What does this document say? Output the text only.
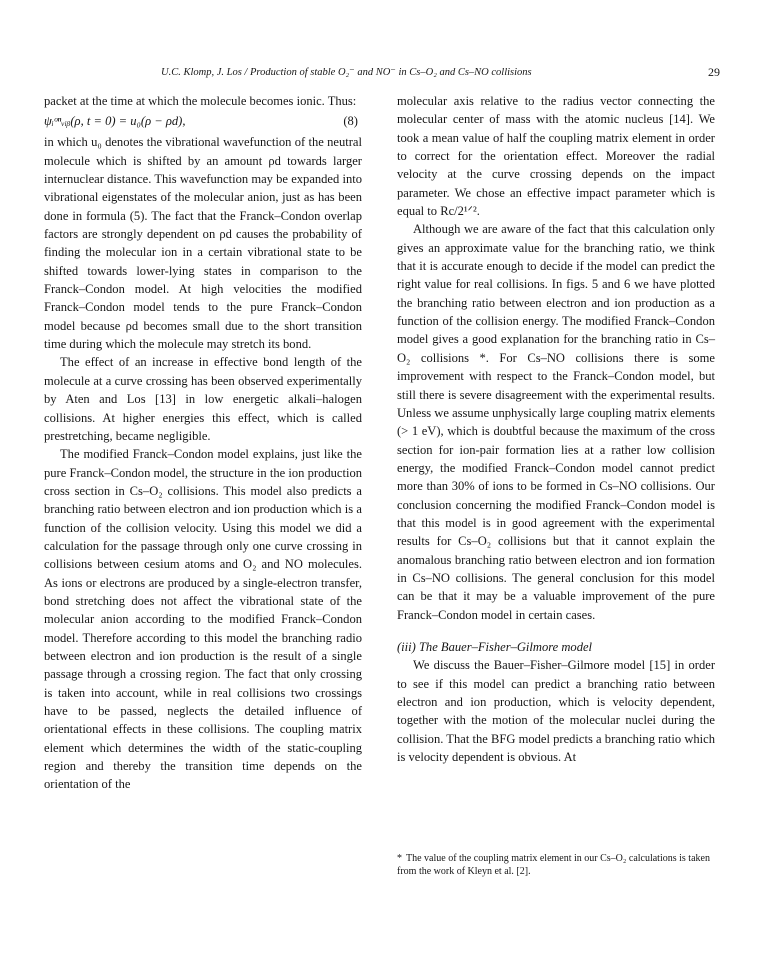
U.C. Klomp, J. Los / Production of stable O₂⁻ and NO⁻ in Cs–O₂ and Cs–NO collisions	29

packet at the time at which the molecule becomes ionic. Thus:

ψᵢᵒⁿᵥᵢᵦ(ρ, t = 0) = u₀(ρ − ρd),	(8)

in which u₀ denotes the vibrational wavefunction of the neutral molecule which is shifted by an amount ρd towards larger internuclear distance. This wavefunction may be expanded into vibrational eigenstates of the molecular anion, just as has been done in formula (5). The fact that the Franck–Condon overlap factors are strongly dependent on ρd causes the probability of finding the molecular ion in a certain vibrational state to be shifted towards lower-lying states in comparison to the Franck–Condon model. At high velocities the modified Franck–Condon model tends to the pure Franck–Condon model because ρd becomes small due to the short transition time during which the molecule may stretch its bond.

The effect of an increase in effective bond length of the molecule at a curve crossing has been observed experimentally by Aten and Los [13] in low energetic alkali–halogen collisions. At higher energies this effect, which is called prestretching, became negligible.

The modified Franck–Condon model explains, just like the pure Franck–Condon model, the structure in the ion production cross section in Cs–O₂ collisions. This model also predicts a branching ratio between electron and ion production which is a function of the collision velocity. Using this model we did a calculation for the passage through only one curve crossing in collisions between cesium atoms and O₂ and NO molecules. As ions or electrons are produced by a single-electron transfer, bond stretching does not affect the vibrational state of the molecular anion according to the modified Franck–Condon model. Therefore according to this model the branching radio between electron and ion production is the result of a single passage through a crossing region. The fact that only crossing is taken into account, while in real collisions two crossings have to be passed, neglects the detailed influence of orientational effects in these collisions. The coupling matrix element which determines the width of the static-coupling region and thereby the transition time depends on the orientation of the

molecular axis relative to the radius vector connecting the molecular center of mass with the atomic nucleus [14]. We took a mean value of half the coupling matrix element in order to correct for the orientation effect. Moreover the radial velocity at the curve crossing depends on the impact parameter. We chose an effective impact parameter which is equal to Rc/2¹ᐟ².

Although we are aware of the fact that this calculation only gives an approximate value for the branching ratio, we think that it is accurate enough to decide if the model can predict the right value for real collisions. In figs. 5 and 6 we have plotted the branching ratio between electron and ion production as a function of the collision energy. The modified Franck–Condon model gives a good explanation for the branching ratio in Cs–O₂ collisions *. For Cs–NO collisions there is some improvement with respect to the Franck–Condon model, but still there is severe disagreement with the experimental results. Unless we assume unphysically large coupling matrix elements (> 1 eV), which is doubtful because the maximum of the cross section for ion-pair formation lies at a rather low collision energy, the modified Franck–Condon model cannot predict more than 30% of ions to be formed in Cs–NO collisions. Our conclusion concerning the modified Franck–Condon model is that this model is in good agreement with the experimental results for Cs–O₂ collisions but that it cannot explain the anomalous branching ratio between electron and ion formation in Cs–NO collisions. The general conclusion for this model can be that it may be a valuable improvement of the pure Franck–Condon model in certain cases.

(iii) The Bauer–Fisher–Gilmore model

We discuss the Bauer–Fisher–Gilmore model [15] in order to see if this model can predict a branching ratio between electron and ion production, which is velocity dependent, together with the motion of the molecular nuclei during the collision. That the BFG model predicts a branching ratio which is velocity dependent is obvious. At

* The value of the coupling matrix element in our Cs–O₂ calculations is taken from the work of Kleyn et al. [2].
